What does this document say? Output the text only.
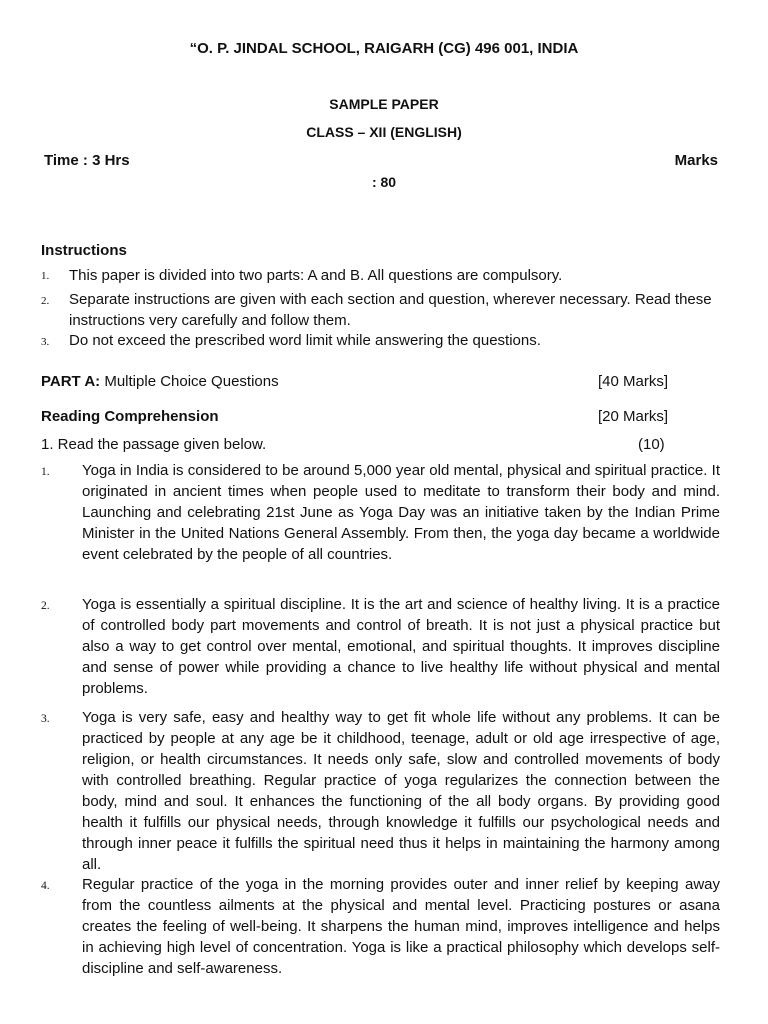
“O. P. JINDAL SCHOOL, RAIGARH (CG) 496 001, INDIA
SAMPLE PAPER
CLASS – XII (ENGLISH)
Time : 3 Hrs	Marks
: 80
Instructions
1. This paper is divided into two parts: A and B. All questions are compulsory.
2. Separate instructions are given with each section and question, wherever necessary. Read these instructions very carefully and follow them.
3. Do not exceed the prescribed word limit while answering the questions.
PART A: Multiple Choice Questions	[40 Marks]
Reading Comprehension	[20 Marks]
1. Read the passage given below.	(10)
1. Yoga in India is considered to be around 5,000 year old mental, physical and spiritual practice. It originated in ancient times when people used to meditate to transform their body and mind. Launching and celebrating 21st June as Yoga Day was an initiative taken by the Indian Prime Minister in the United Nations General Assembly. From then, the yoga day became a worldwide event celebrated by the people of all countries.
2. Yoga is essentially a spiritual discipline. It is the art and science of healthy living. It is a practice of controlled body part movements and control of breath. It is not just a physical practice but also a way to get control over mental, emotional, and spiritual thoughts. It improves discipline and sense of power while providing a chance to live healthy life without physical and mental problems.
3. Yoga is very safe, easy and healthy way to get fit whole life without any problems. It can be practiced by people at any age be it childhood, teenage, adult or old age irrespective of age, religion, or health circumstances. It needs only safe, slow and controlled movements of body with controlled breathing. Regular practice of yoga regularizes the connection between the body, mind and soul. It enhances the functioning of the all body organs. By providing good health it fulfills our physical needs, through knowledge it fulfills our psychological needs and through inner peace it fulfills the spiritual need thus it helps in maintaining the harmony among all.
4. Regular practice of the yoga in the morning provides outer and inner relief by keeping away from the countless ailments at the physical and mental level. Practicing postures or asana creates the feeling of well-being. It sharpens the human mind, improves intelligence and helps in achieving high level of concentration. Yoga is like a practical philosophy which develops self-discipline and self-awareness.
